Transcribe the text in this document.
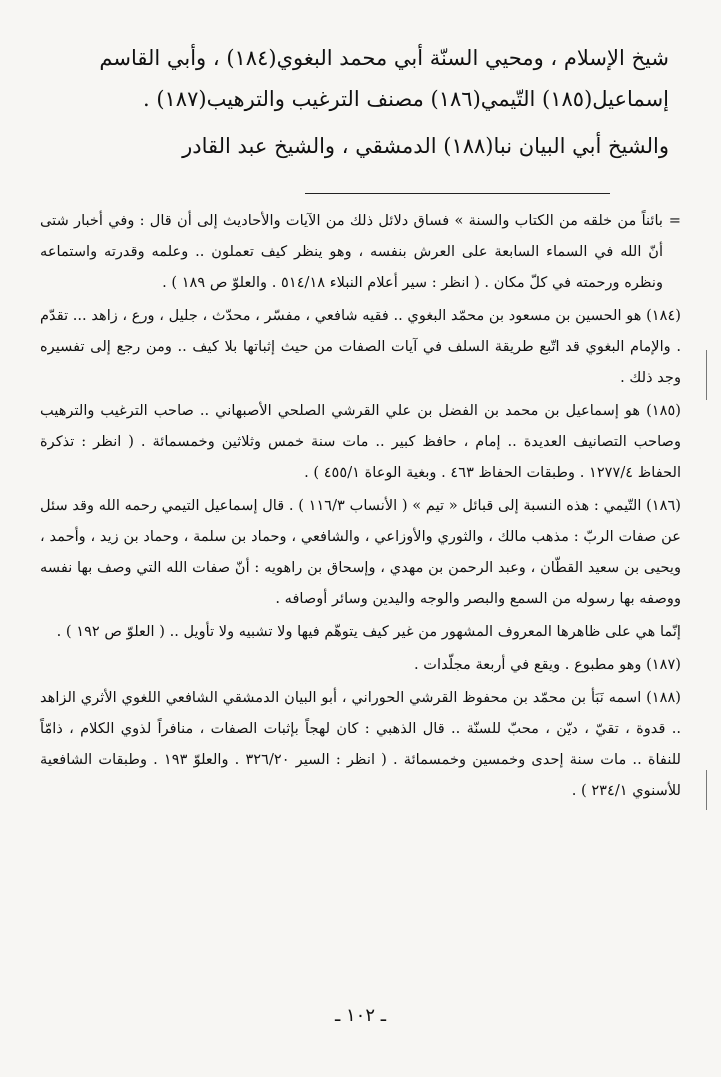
شيخ الإسلام ، ومحيي السنّة أبي محمد البغوي(١٨٤) ، وأبي القاسم

إسماعيل(١٨٥) التّيمي(١٨٦) مصنف الترغيب والترهيب(١٨٧) .

والشيخ أبي البيان نبا(١٨٨) الدمشقي ، والشيخ عبد القادر

=
بائناً من خلقه من الكتاب والسنة » فساق دلائل ذلك من الآيات والأحاديث إلى أن قال : وفي أخبار شتى أنّ الله في السماء السابعة على العرش بنفسه ، وهو ينظر كيف تعملون .. وعلمه وقدرته واستماعه ونظره ورحمته في كلّ مكان . ( انظر : سير أعلام النبلاء ٥١٤/١٨ . والعلوّ ص ١٨٩ ) .

(١٨٤) هو الحسين بن مسعود بن محمّد البغوي .. فقيه شافعي ، مفسّر ، محدّث ، جليل ، ورع ، زاهد ... تقدّم . والإمام البغوي قد اتّبع طريقة السلف في آيات الصفات من حيث إثباتها بلا كيف .. ومن رجع إلى تفسيره وجد ذلك .

(١٨٥) هو إسماعيل بن محمد بن الفضل بن علي القرشي الصلحي الأصبهاني .. صاحب الترغيب والترهيب وصاحب التصانيف العديدة .. إمام ، حافظ كبير .. مات سنة خمس وثلاثين وخمسمائة . ( انظر : تذكرة الحفاظ ١٢٧٧/٤ . وطبقات الحفاظ ٤٦٣ . وبغية الوعاة ٤٥٥/١ ) .

(١٨٦) التّيمي : هذه النسبة إلى قبائل « تيم » ( الأنساب ١١٦/٣ ) . قال إسماعيل التيمي رحمه الله وقد سئل عن صفات الربّ : مذهب مالك ، والثوري والأوزاعي ، والشافعي ، وحماد بن سلمة ، وحماد بن زيد ، وأحمد ، ويحيى بن سعيد القطّان ، وعبد الرحمن بن مهدي ، وإسحاق بن راهويه : أنّ صفات الله التي وصف بها نفسه ووصفه بها رسوله من السمع والبصر والوجه واليدين وسائر أوصافه .

إنّما هي على ظاهرها المعروف المشهور من غير كيف يتوهّم فيها ولا تشبيه ولا تأويل .. ( العلوّ ص ١٩٢ ) .

(١٨٧) وهو مطبوع . ويقع في أربعة مجلّدات .

(١٨٨) اسمه نَبَأ بن محمّد بن محفوظ القرشي الحوراني ، أبو البيان الدمشقي الشافعي اللغوي الأثري الزاهد .. قدوة ، تقيّ ، ديّن ، محبّ للسنّة .. قال الذهبي : كان لهجاً بإثبات الصفات ، منافراً لذوي الكلام ، ذامّاً للنفاة .. مات سنة إحدى وخمسين وخمسمائة . ( انظر : السير ٣٢٦/٢٠ . والعلوّ ١٩٣ . وطبقات الشافعية للأسنوي ٢٣٤/١ ) .

ـ ١٠٢ ـ
